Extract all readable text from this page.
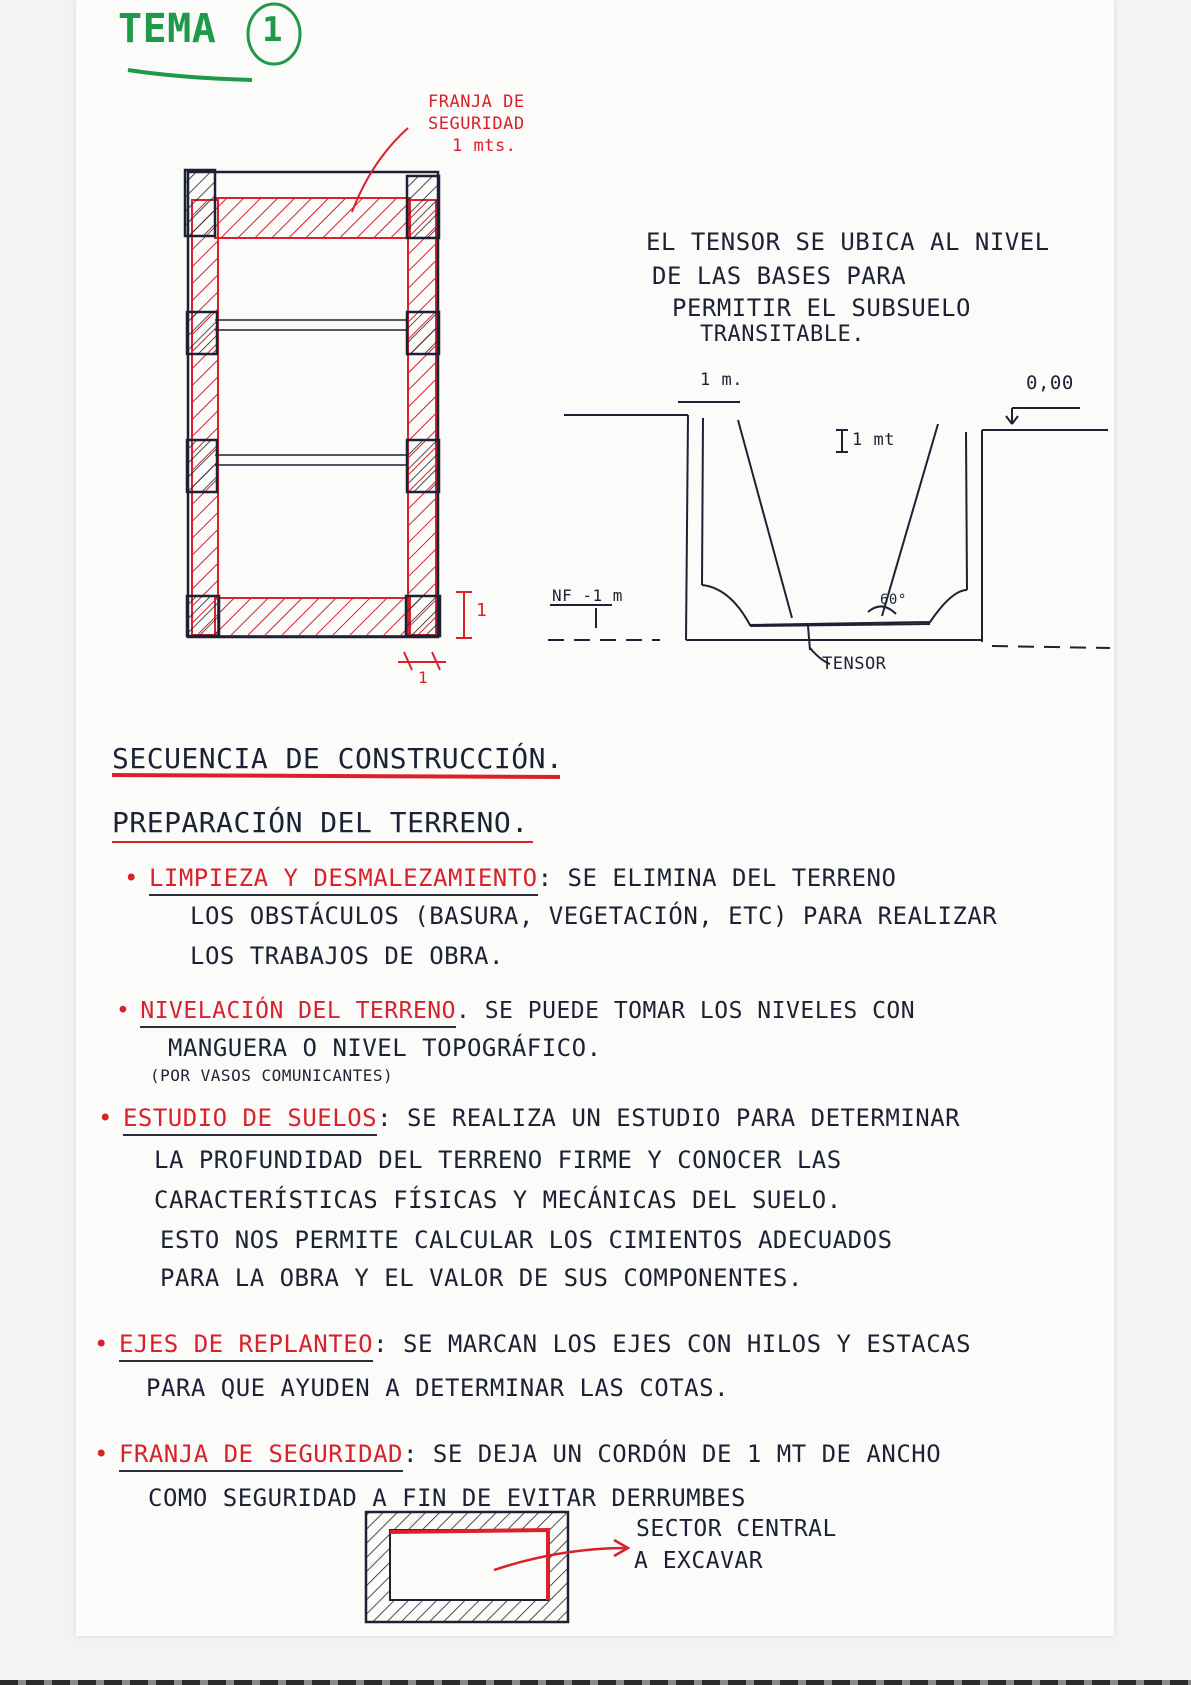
TEMA 1

FRANJA DE

SEGURIDAD

1 mts.

1

1

EL TENSOR SE UBICA AL NIVEL

DE LAS BASES PARA

PERMITIR EL SUBSUELO

TRANSITABLE.

1 m.	0,00

1 mt

NF -1 m	60°

TENSOR

SECUENCIA DE CONSTRUCCIÓN.

PREPARACIÓN DEL TERRENO.

• LIMPIEZA Y DESMALEZAMIENTO: SE ELIMINA DEL TERRENO

LOS OBSTÁCULOS (BASURA, VEGETACIÓN, ETC) PARA REALIZAR

LOS TRABAJOS DE OBRA.

• NIVELACIÓN DEL TERRENO. SE PUEDE TOMAR LOS NIVELES CON

MANGUERA O NIVEL TOPOGRÁFICO.

(POR VASOS COMUNICANTES)

• ESTUDIO DE SUELOS: SE REALIZA UN ESTUDIO PARA DETERMINAR

LA PROFUNDIDAD DEL TERRENO FIRME Y CONOCER LAS

CARACTERÍSTICAS FÍSICAS Y MECÁNICAS DEL SUELO.

ESTO NOS PERMITE CALCULAR LOS CIMIENTOS ADECUADOS

PARA LA OBRA Y EL VALOR DE SUS COMPONENTES.

• EJES DE REPLANTEO: SE MARCAN LOS EJES CON HILOS Y ESTACAS

PARA QUE AYUDEN A DETERMINAR LAS COTAS.

• FRANJA DE SEGURIDAD: SE DEJA UN CORDÓN DE 1 MT DE ANCHO

COMO SEGURIDAD A FIN DE EVITAR DERRUMBES

SECTOR CENTRAL

A EXCAVAR
